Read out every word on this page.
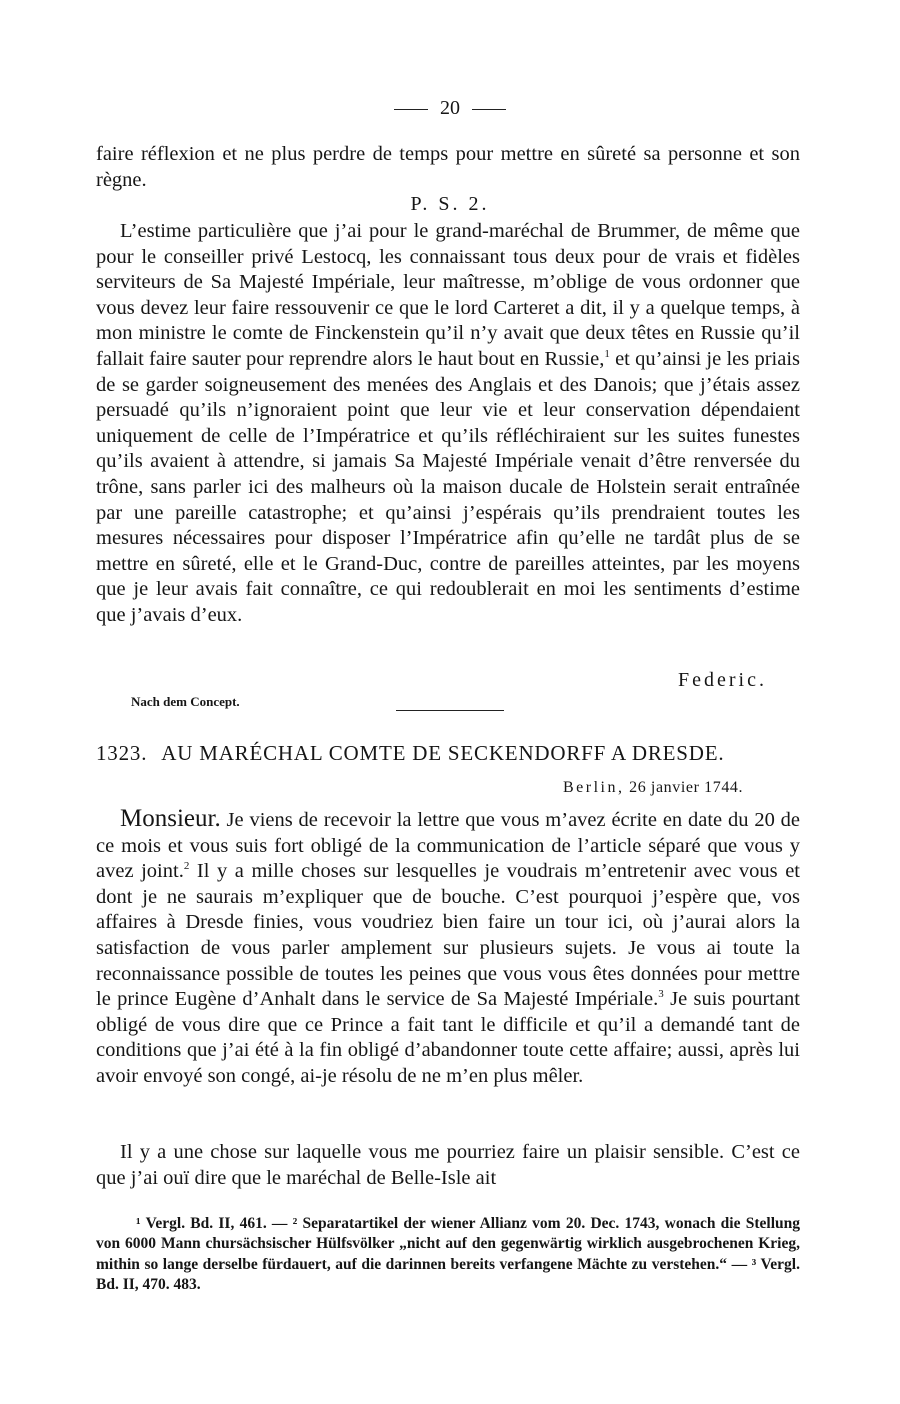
20

faire réflexion et ne plus perdre de temps pour mettre en sûreté sa personne et son règne.

P. S. 2.

L’estime particulière que j’ai pour le grand-maréchal de Brummer, de même que pour le conseiller privé Lestocq, les connaissant tous deux pour de vrais et fidèles serviteurs de Sa Majesté Impériale, leur maîtresse, m’oblige de vous ordonner que vous devez leur faire ressouvenir ce que le lord Carteret a dit, il y a quelque temps, à mon ministre le comte de Finckenstein qu’il n’y avait que deux têtes en Russie qu’il fallait faire sauter pour reprendre alors le haut bout en Russie,$^1$ et qu’ainsi je les priais de se garder soigneusement des menées des Anglais et des Danois; que j’étais assez persuadé qu’ils n’ignoraient point que leur vie et leur conservation dépendaient uniquement de celle de l’Impératrice et qu’ils réfléchiraient sur les suites funestes qu’ils avaient à attendre, si jamais Sa Majesté Impériale venait d’être renversée du trône, sans parler ici des malheurs où la maison ducale de Holstein serait entraînée par une pareille catastrophe; et qu’ainsi j’espérais qu’ils prendraient toutes les mesures nécessaires pour disposer l’Impératrice afin qu’elle ne tardât plus de se mettre en sûreté, elle et le Grand-Duc, contre de pareilles atteintes, par les moyens que je leur avais fait connaître, ce qui redoublerait en moi les sentiments d’estime que j’avais d’eux.

Federic.
Nach dem Concept.
1323. AU MARÉCHAL COMTE DE SECKENDORFF A DRESDE.
Berlin, 26 janvier 1744.

Monsieur. Je viens de recevoir la lettre que vous m’avez écrite en date du 20 de ce mois et vous suis fort obligé de la communication de l’article séparé que vous y avez joint.$^2$ Il y a mille choses sur lesquelles je voudrais m’entretenir avec vous et dont je ne saurais m’expliquer que de bouche. C’est pourquoi j’espère que, vos affaires à Dresde finies, vous voudriez bien faire un tour ici, où j’aurai alors la satisfaction de vous parler amplement sur plusieurs sujets. Je vous ai toute la reconnaissance possible de toutes les peines que vous vous êtes données pour mettre le prince Eugène d’Anhalt dans le service de Sa Majesté Impériale.$^3$ Je suis pourtant obligé de vous dire que ce Prince a fait tant le difficile et qu’il a demandé tant de conditions que j’ai été à la fin obligé d’abandonner toute cette affaire; aussi, après lui avoir envoyé son congé, ai-je résolu de ne m’en plus mêler.

Il y a une chose sur laquelle vous me pourriez faire un plaisir sensible. C’est ce que j’ai ouï dire que le maréchal de Belle-Isle ait

¹ Vergl. Bd. II, 461. — ² Separatartikel der wiener Allianz vom 20. Dec. 1743, wonach die Stellung von 6000 Mann chursächsischer Hülfsvölker „nicht auf den gegenwärtig wirklich ausgebrochenen Krieg, mithin so lange derselbe fürdauert, auf die darinnen bereits verfangene Mächte zu verstehen.“ — ³ Vergl. Bd. II, 470. 483.
